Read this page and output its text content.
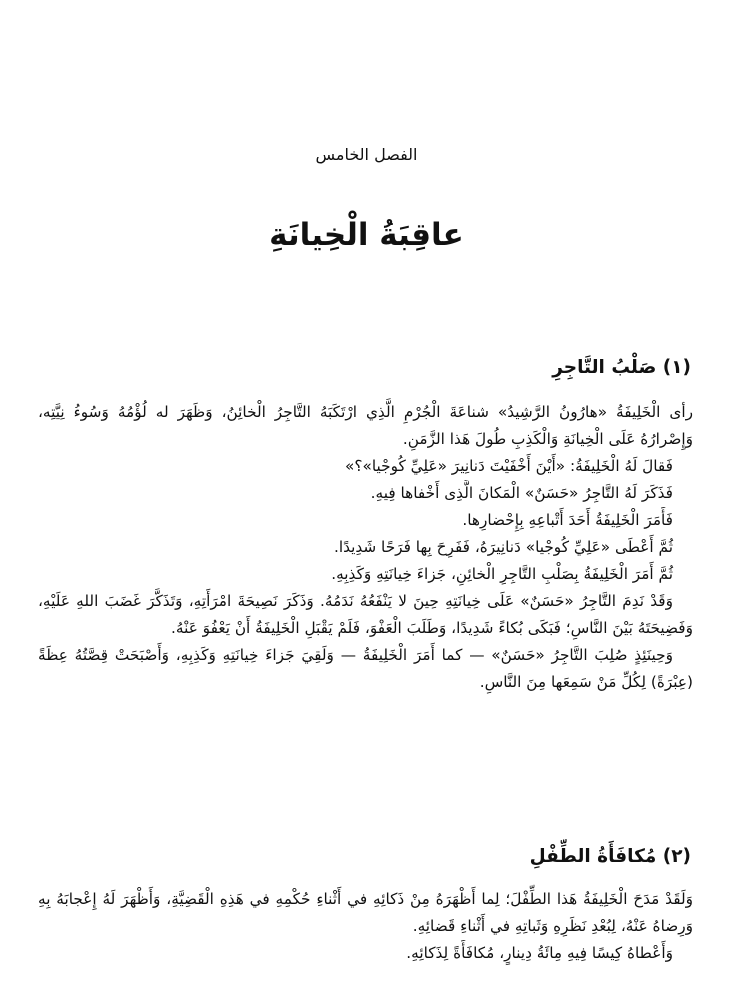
الفصل الخامس
عاقِبَةُ الْخِيانَةِ
(١) صَلْبُ التَّاجِرِ

رأى الْخَلِيفَةُ «هارُونُ الرَّشِيدُ» شناعَةَ الْجُرْمِ الَّذِي ارْتَكَبَهُ التَّاجِرُ الْخائِنُ، وَظَهَرَ له لُؤْمُهُ وَسُوءُ نِيَّتِه، وَإِصْرارُهُ عَلَى الْخِيانَةِ وَالْكَذِبِ طُولَ هَذا الزَّمَنِ.

فَقالَ لَهُ الْخَلِيفَةُ: «أَيْنَ أَخْفَيْتَ دَنانِيرَ «عَلِيِّ كُوجْيا»؟»

فَذَكَرَ لَهُ التَّاجِرُ «حَسَنٌ» الْمَكانَ الَّذِى أَخْفاها فِيهِ.

فَأَمَرَ الْخَلِيفَةُ أَحَدَ أَتْباعِهِ بِإِحْضارِها.

ثُمَّ أَعْطَى «عَلِيِّ كُوجْيا» دَنانِيرَهُ، فَفَرِحَ بِها فَرَحًا شَدِيدًا.

ثُمَّ أَمَرَ الْخَلِيفَةُ بِصَلْبِ التَّاجِرِ الْخائِنِ، جَزاءَ خِيانَتِهِ وَكَذِبِهِ.

وَقَدْ نَدِمَ التَّاجِرُ «حَسَنٌ» عَلَى خِيانَتِهِ حِينَ لا يَنْفَعُهُ نَدَمُهُ. وَذَكَرَ نَصِيحَةَ امْرَأَتِهِ، وَتَذَكَّرَ غَضَبَ اللهِ عَلَيْهِ، وَفَضِيحَتَهُ بَيْنَ النَّاسِ؛ فَبَكَى بُكاءً شَدِيدًا، وَطَلَبَ الْعَفْوَ، فَلَمْ يَقْبَلِ الْخَلِيفَةُ أَنْ يَعْفُوَ عَنْهُ.

وَحِينَئِذٍ صُلِبَ التَّاجِرُ «حَسَنٌ» — كما أَمَرَ الْخَلِيفَةُ — وَلَقِيَ جَزاءَ خِيانَتِهِ وَكَذِبِهِ، وَأَصْبَحَتْ قِصَّتُهُ عِظَةً (عِبْرَةً) لِكُلِّ مَنْ سَمِعَها مِنَ النَّاسِ.

(٢) مُكافَأَةُ الطِّفْلِ

وَلَقَدْ مَدَحَ الْخَلِيفَةُ هَذا الطِّفْلَ؛ لِما أَظْهَرَهُ مِنْ ذَكائِهِ في أَثْناءِ حُكْمِهِ في هَذِهِ الْقَضِيَّةِ، وَأَظْهَرَ لَهُ إِعْجابَهُ بِهِ وَرِضاهُ عَنْهُ، لِبُعْدِ نَظَرِهِ وَثَباتِهِ في أَثْناءِ قَضائِهِ.

وَأَعْطاهُ كِيسًا فِيهِ مِائَةُ دِينارٍ، مُكافَأَةً لِذَكائِهِ.
